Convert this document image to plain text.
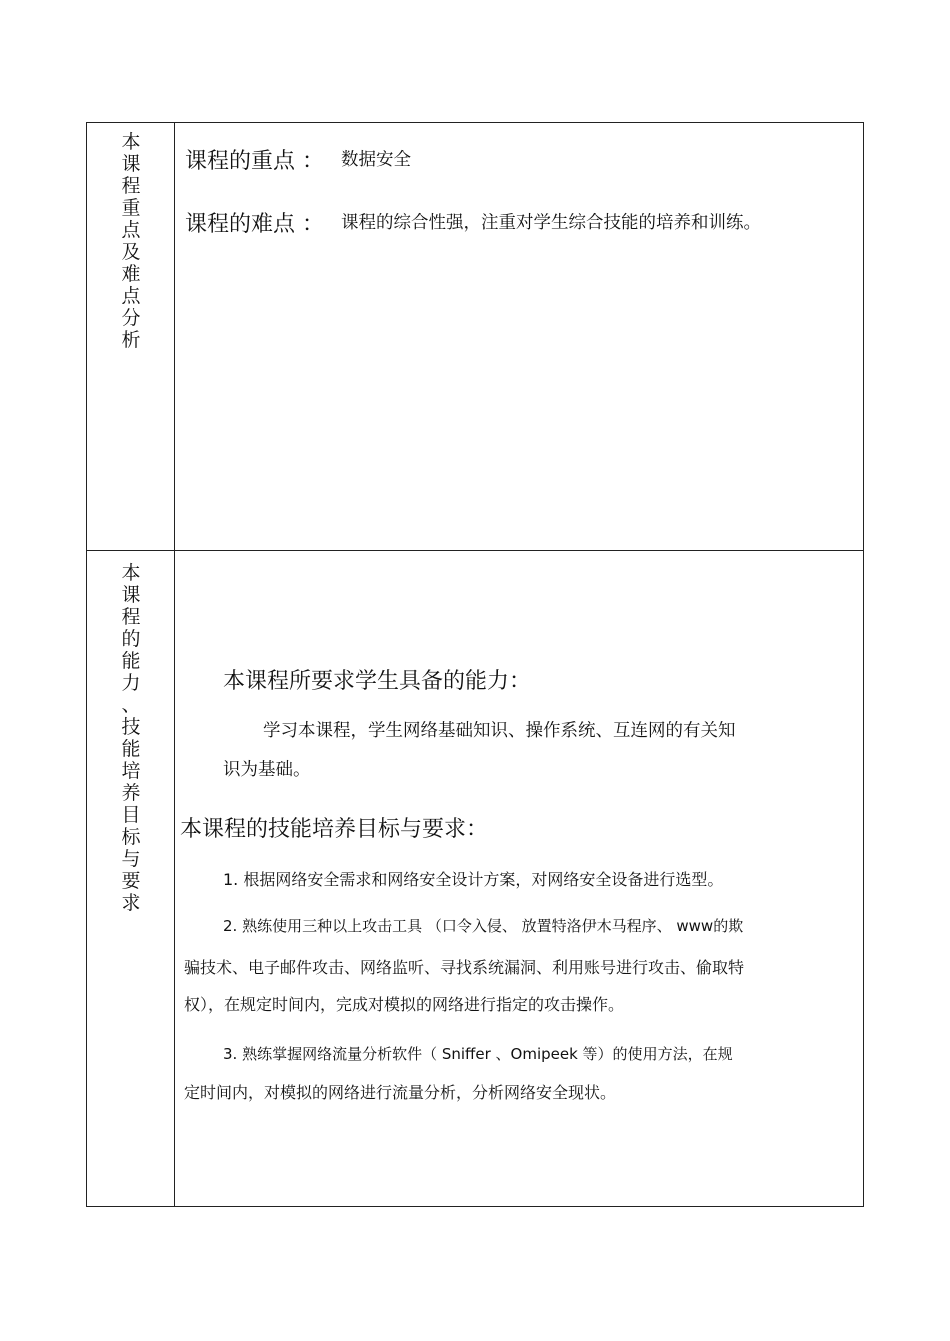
本
课
程
重
点
及
难
点
分
析
课程的重点 ： 数据安全
课程的难点 ： 课程的综合性强，注重对学生综合技能的培养和训练。
本
课
程
的
能
力
、
技
能
培
养
目
标
与
要
求
本课程所要求学生具备的能力：
学习本课程，学生网络基础知识、操作系统、互连网的有关知
识为基础。
本课程的技能培养目标与要求：
1. 根据网络安全需求和网络安全设计方案，对网络安全设备进行选型。
2. 熟练使用三种以上攻击工具 （口令入侵、 放置特洛伊木马程序、 www的欺
骗技术、电子邮件攻击、网络监听、寻找系统漏洞、利用账号进行攻击、偷取特
权），在规定时间内，完成对模拟的网络进行指定的攻击操作。
3. 熟练掌握网络流量分析软件（ Sniffer 、Omipeek 等）的使用方法，在规
定时间内，对模拟的网络进行流量分析，分析网络安全现状。
